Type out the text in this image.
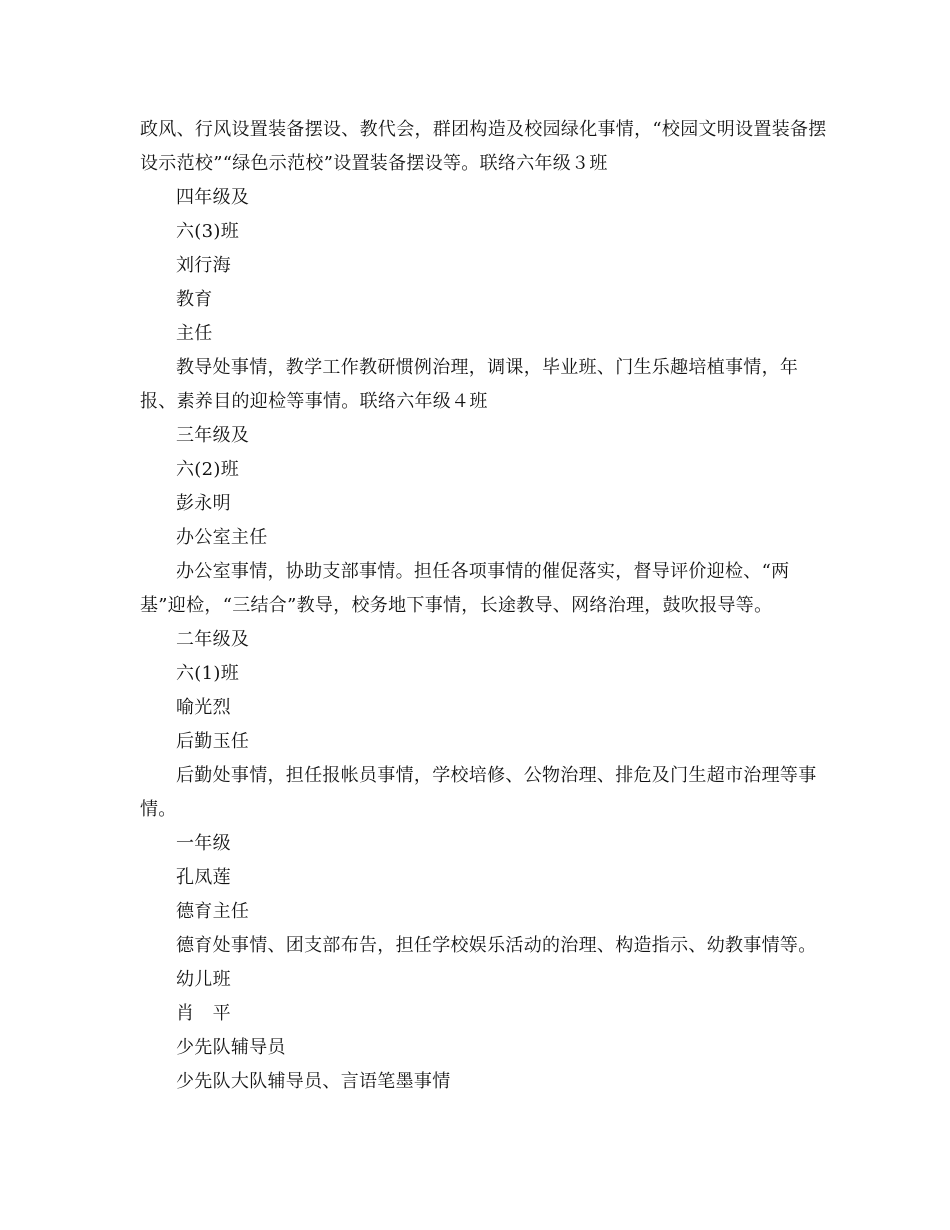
政风、行风设置装备摆设、教代会，群团构造及校园绿化事情，“校园文明设置装备摆设示范校”“绿色示范校”设置装备摆设等。联络六年级３班

四年级及

六(3)班

刘行海

教育

主任

教导处事情，教学工作教研惯例治理，调课，毕业班、门生乐趣培植事情，年报、素养目的迎检等事情。联络六年级４班

三年级及

六(2)班

彭永明

办公室主任

办公室事情，协助支部事情。担任各项事情的催促落实，督导评价迎检、“两基”迎检，“三结合”教导，校务地下事情，长途教导、网络治理，鼓吹报导等。

二年级及

六(1)班

喻光烈

后勤玉任

后勤处事情，担任报帐员事情，学校培修、公物治理、排危及门生超市治理等事情。

一年级

孔凤莲

德育主任

德育处事情、团支部布告，担任学校娱乐活动的治理、构造指示、幼教事情等。

幼儿班

肖　平

少先队辅导员

少先队大队辅导员、言语笔墨事情
